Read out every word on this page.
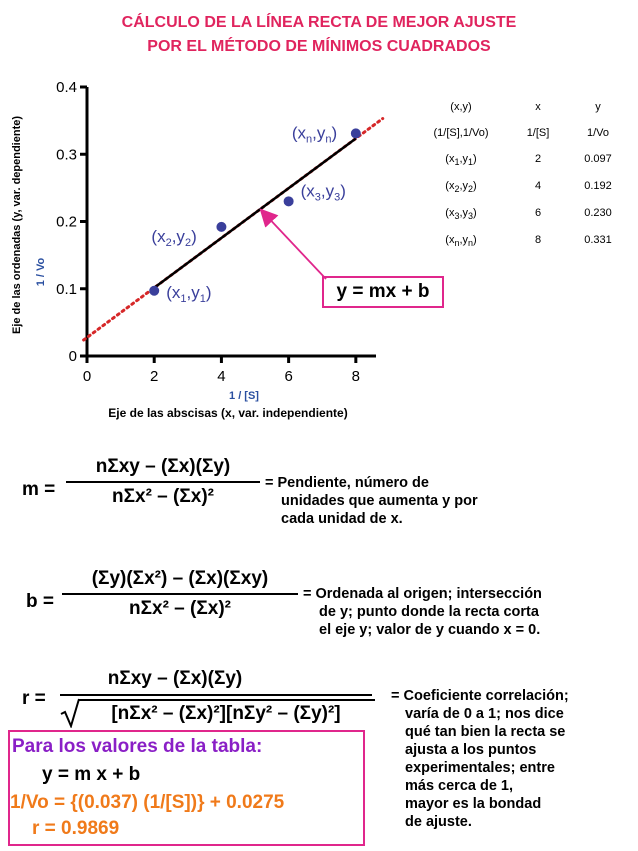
CÁLCULO DE LA LÍNEA RECTA DE MEJOR AJUSTE
POR EL MÉTODO DE MÍNIMOS CUADRADOS
0	2	4	6	8
0
0.1
0.2
0.3
0.4
$(x_1,y_1)$
$(x_2,y_2)$
$(x_3,y_3)$
$(x_n,y_n)$
Eje de las ordenadas (y, var. dependiente) 1 / Vo
1 / [S]
Eje de las abscisas (x, var. independiente)
y = mx + b
(x,y)	x	y
(1/[S],1/Vo)	1/[S]	1/Vo
$(x_1,y_1)$	2	0.097
$(x_2,y_2)$	4	0.192
$(x_3,y_3)$	6	0.230
$(x_n,y_n)$	8	0.331
m =
nΣxy – (Σx)(Σy)
nΣx² – (Σx)²
= Pendiente, número de
unidades que aumenta y por
cada unidad de x.
b =
(Σy)(Σx²) – (Σx)(Σxy)
nΣx² – (Σx)²
= Ordenada al origen; intersección
de y; punto donde la recta corta
el eje y; valor de y cuando x = 0.
r =
nΣxy – (Σx)(Σy)
[nΣx² – (Σx)²][nΣy² – (Σy)²]
= Coeficiente correlación;
varía de 0 a 1; nos dice
qué tan bien la recta se
ajusta a los puntos
experimentales; entre
más cerca de 1,
mayor es la bondad
de ajuste.
Para los valores de la tabla:
y = m x + b
1/Vo = {(0.037) (1/[S])} + 0.0275
r = 0.9869
